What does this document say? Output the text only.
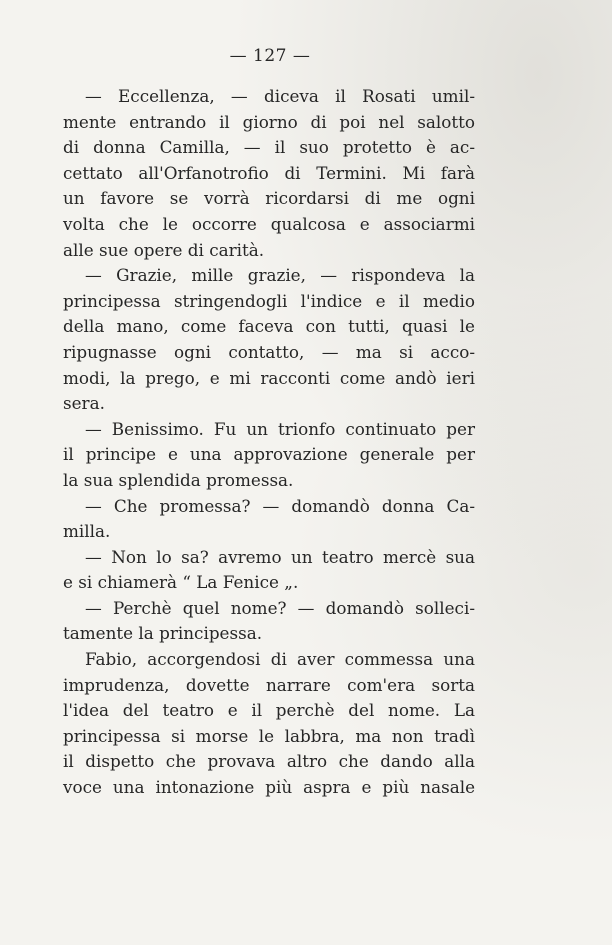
— 127 —
— Eccellenza, — diceva il Rosati umil-
mente entrando il giorno di poi nel salotto
di donna Camilla, — il suo protetto è ac-
cettato all'Orfanotrofio di Termini. Mi farà
un favore se vorrà ricordarsi di me ogni
volta che le occorre qualcosa e associarmi
alle sue opere di carità.
— Grazie, mille grazie, — rispondeva la
principessa stringendogli l'indice e il medio
della mano, come faceva con tutti, quasi le
ripugnasse ogni contatto, — ma si acco-
modi, la prego, e mi racconti come andò ieri
sera.
— Benissimo. Fu un trionfo continuato per
il principe e una approvazione generale per
la sua splendida promessa.
— Che promessa? — domandò donna Ca-
milla.
— Non lo sa? avremo un teatro mercè sua
e si chiamerà “ La Fenice „.
— Perchè quel nome? — domandò solleci-
tamente la principessa.
Fabio, accorgendosi di aver commessa una
imprudenza, dovette narrare com'era sorta
l'idea del teatro e il perchè del nome. La
principessa si morse le labbra, ma non tradì
il dispetto che provava altro che dando alla
voce una intonazione più aspra e più nasale
